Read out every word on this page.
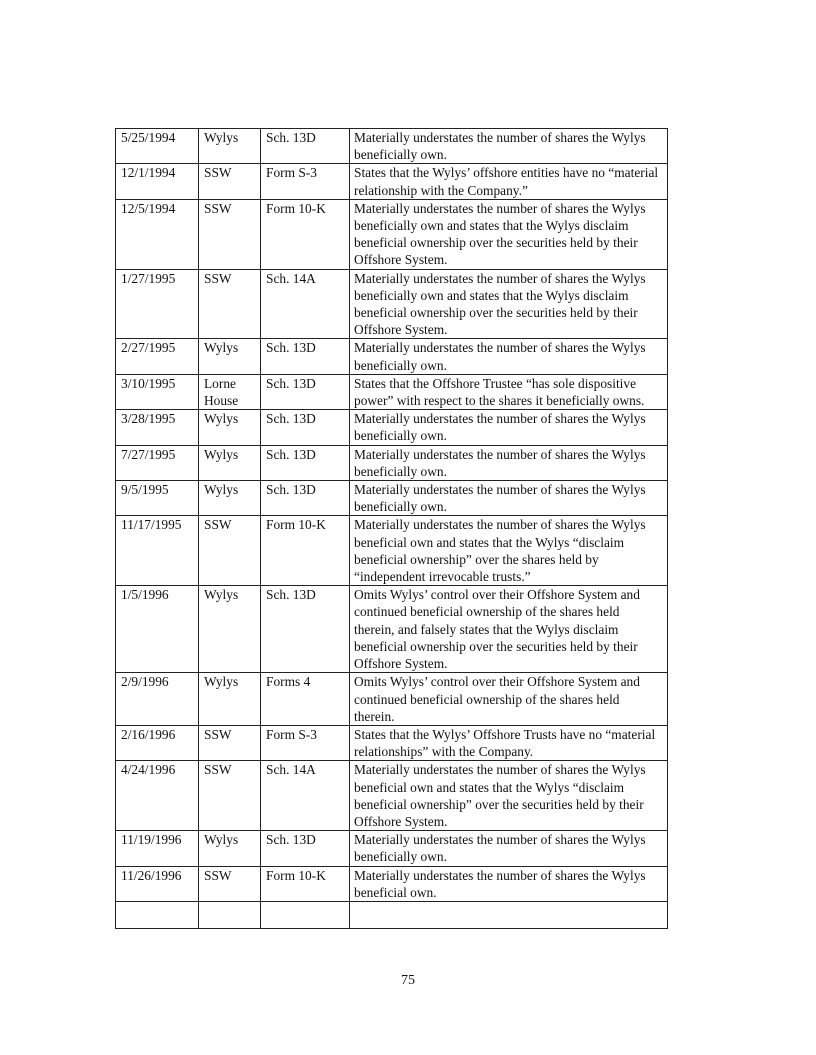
5/25/1994	Wylys	Sch. 13D	Materially understates the number of shares the Wylys beneficially own.
12/1/1994	SSW	Form S-3	States that the Wylys’ offshore entities have no “material relationship with the Company.”
12/5/1994	SSW	Form 10-K	Materially understates the number of shares the Wylys beneficially own and states that the Wylys disclaim beneficial ownership over the securities held by their Offshore System.
1/27/1995	SSW	Sch. 14A	Materially understates the number of shares the Wylys beneficially own and states that the Wylys disclaim beneficial ownership over the securities held by their Offshore System.
2/27/1995	Wylys	Sch. 13D	Materially understates the number of shares the Wylys beneficially own.
3/10/1995	Lorne House	Sch. 13D	States that the Offshore Trustee “has sole dispositive power” with respect to the shares it beneficially owns.
3/28/1995	Wylys	Sch. 13D	Materially understates the number of shares the Wylys beneficially own.
7/27/1995	Wylys	Sch. 13D	Materially understates the number of shares the Wylys beneficially own.
9/5/1995	Wylys	Sch. 13D	Materially understates the number of shares the Wylys beneficially own.
11/17/1995	SSW	Form 10-K	Materially understates the number of shares the Wylys beneficial own and states that the Wylys “disclaim beneficial ownership” over the shares held by “independent irrevocable trusts.”
1/5/1996	Wylys	Sch. 13D	Omits Wylys’ control over their Offshore System and continued beneficial ownership of the shares held therein, and falsely states that the Wylys disclaim beneficial ownership over the securities held by their Offshore System.
2/9/1996	Wylys	Forms 4	Omits Wylys’ control over their Offshore System and continued beneficial ownership of the shares held therein.
2/16/1996	SSW	Form S-3	States that the Wylys’ Offshore Trusts have no “material relationships” with the Company.
4/24/1996	SSW	Sch. 14A	Materially understates the number of shares the Wylys beneficial own and states that the Wylys “disclaim beneficial ownership” over the securities held by their Offshore System.
11/19/1996	Wylys	Sch. 13D	Materially understates the number of shares the Wylys beneficially own.
11/26/1996	SSW	Form 10-K	Materially understates the number of shares the Wylys beneficial own.

75
